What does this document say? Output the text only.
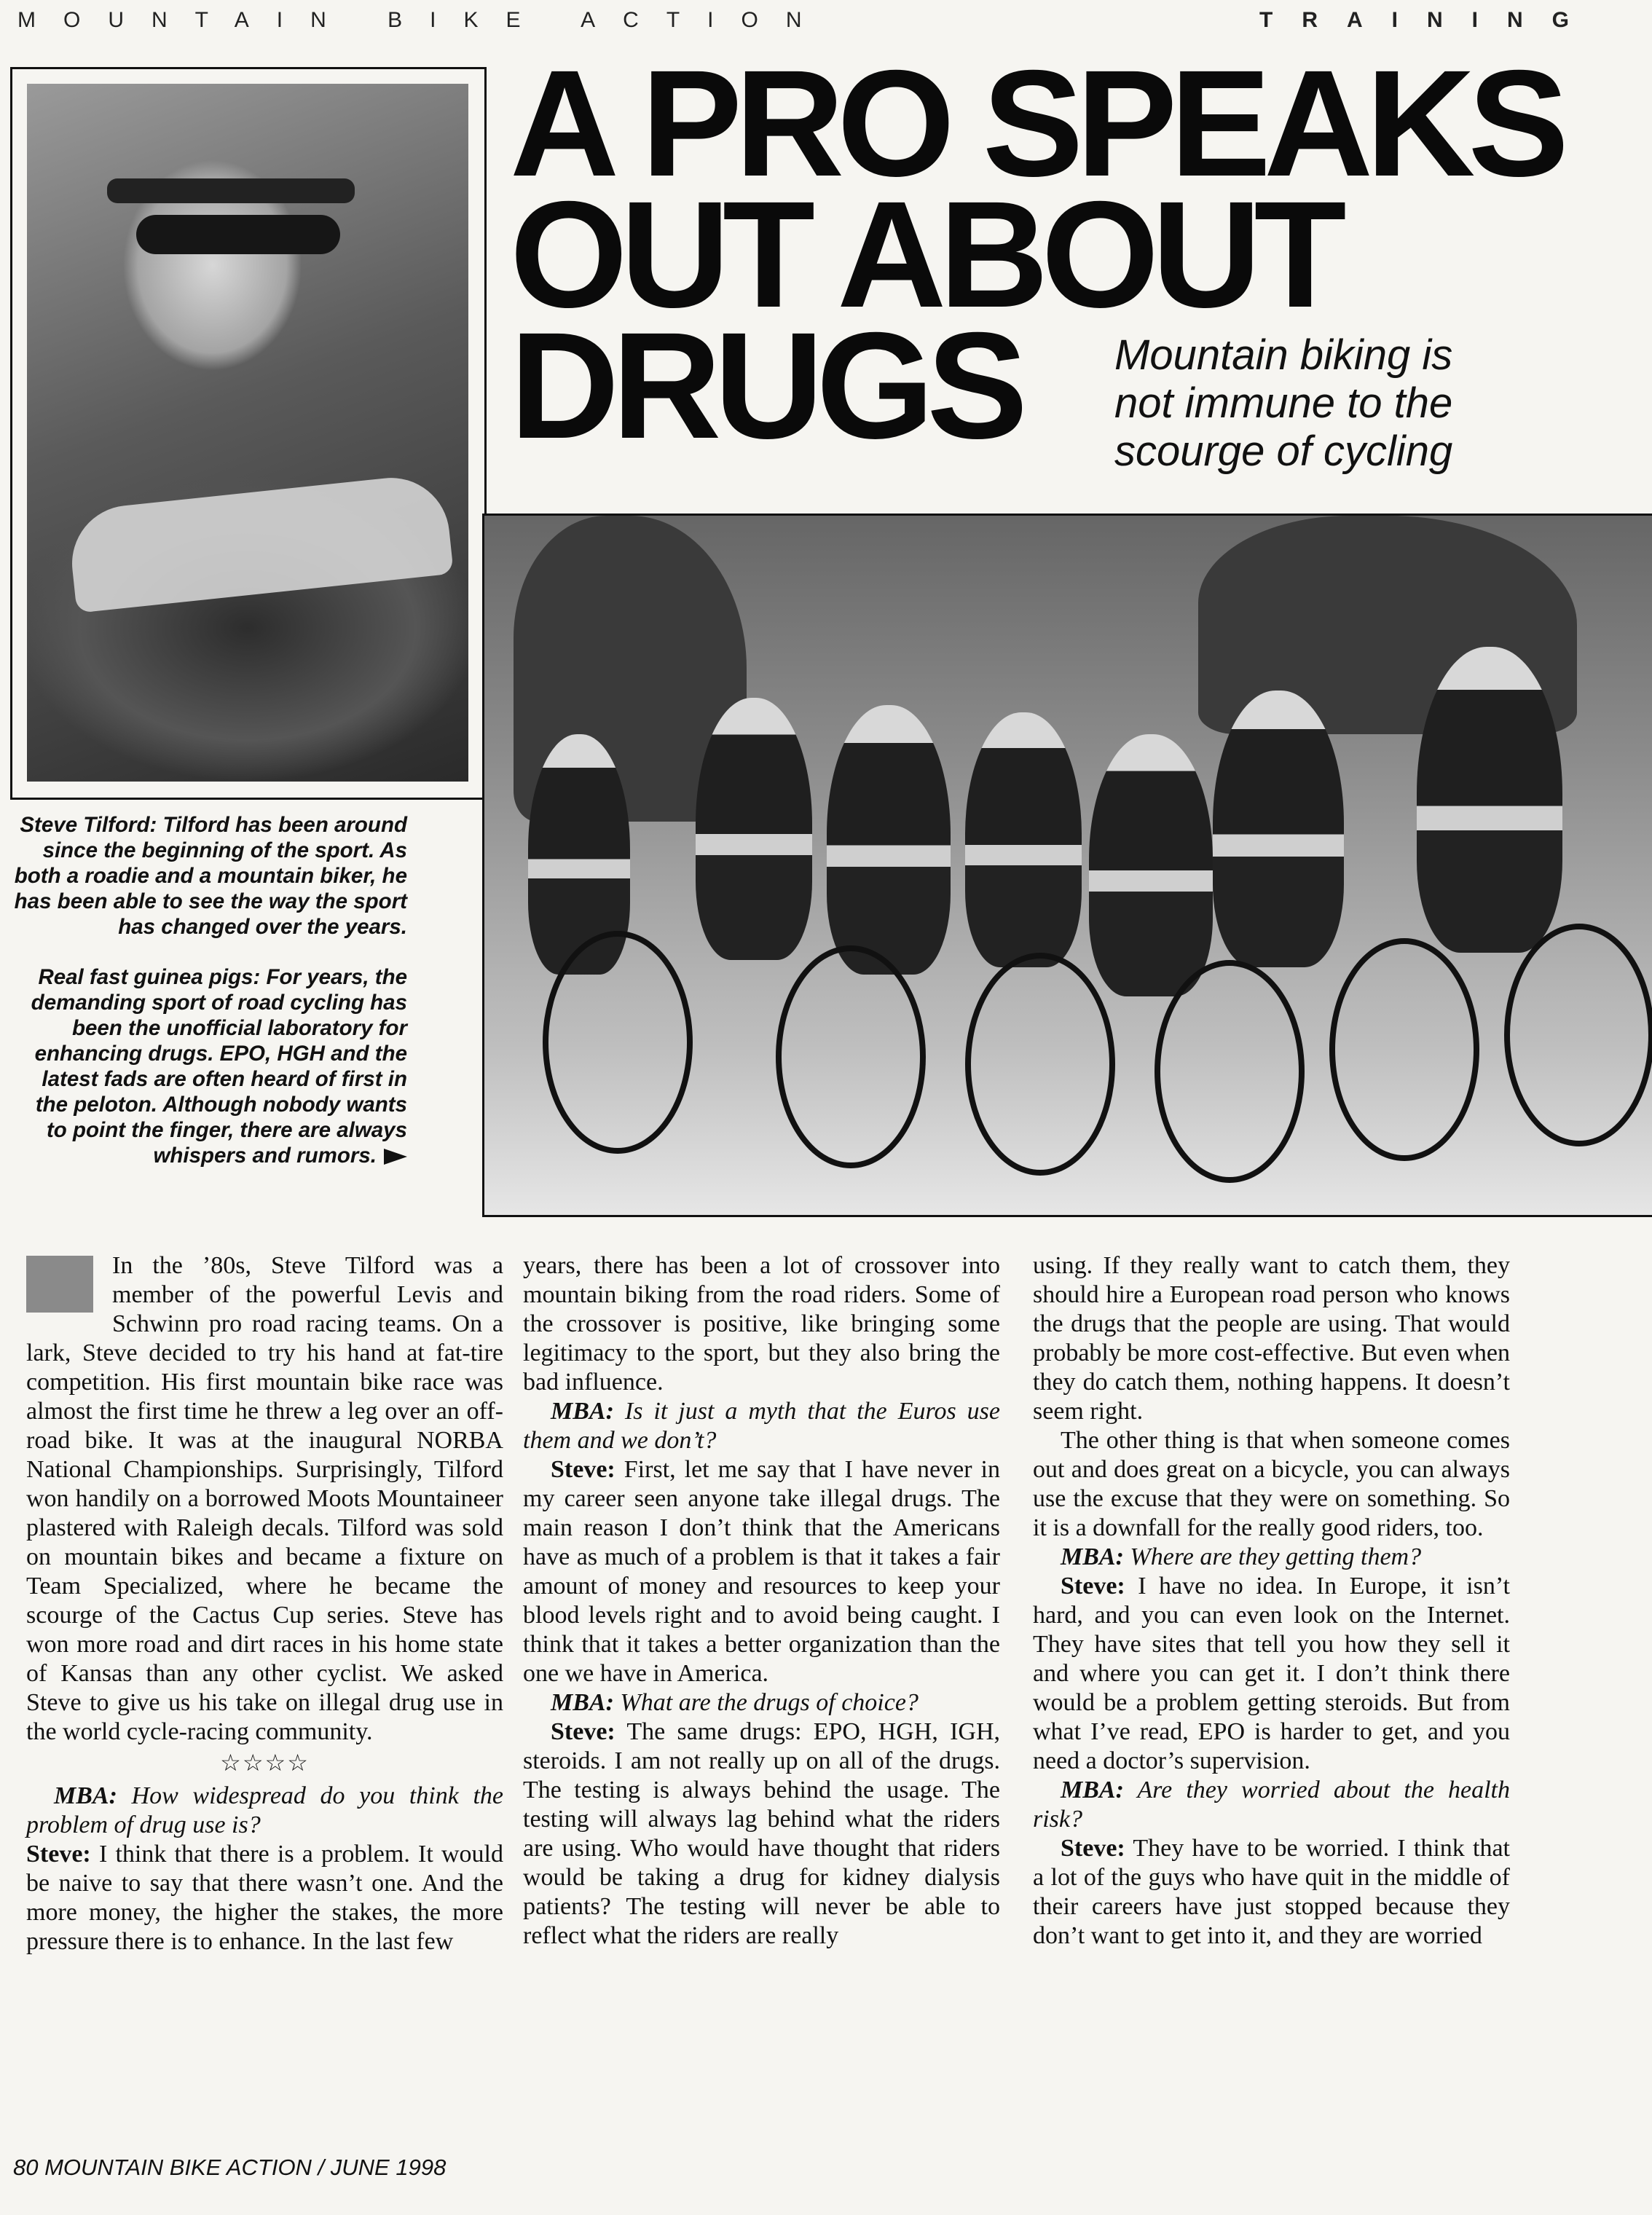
MOUNTAIN BIKE ACTION	TRAINING
A PRO SPEAKS
OUT ABOUT
DRUGS	Mountain biking is
not immune to the
scourge of cycling

Steve Tilford: Tilford has been around since the beginning of the sport. As both a roadie and a mountain biker, he has been able to see the way the sport has changed over the years.

Real fast guinea pigs: For years, the demanding sport of road cycling has been the unofficial laboratory for enhancing drugs. EPO, HGH and the latest fads are often heard of first in the peloton. Although nobody wants to point the finger, there are always whispers and rumors.

In the ’80s, Steve Tilford was a member of the powerful Levis and Schwinn pro road racing teams. On a lark, Steve decided to try his hand at fat-tire competition. His first mountain bike race was almost the first time he threw a leg over an off-road bike. It was at the inaugural NORBA National Championships. Surprisingly, Tilford won handily on a borrowed Moots Mountaineer plastered with Raleigh decals. Tilford was sold on mountain bikes and became a fixture on Team Specialized, where he became the scourge of the Cactus Cup series. Steve has won more road and dirt races in his home state of Kansas than any other cyclist. We asked Steve to give us his take on illegal drug use in the world cycle-racing community.

☆☆☆☆

MBA: How widespread do you think the problem of drug use is?

Steve: I think that there is a problem. It would be naive to say that there wasn’t one. And the more money, the higher the stakes, the more pressure there is to enhance. In the last few

years, there has been a lot of crossover into mountain biking from the road riders. Some of the crossover is positive, like bringing some legitimacy to the sport, but they also bring the bad influence.

MBA: Is it just a myth that the Euros use them and we don’t?

Steve: First, let me say that I have never in my career seen anyone take illegal drugs. The main reason I don’t think that the Americans have as much of a problem is that it takes a fair amount of money and resources to keep your blood levels right and to avoid being caught. I think that it takes a better organization than the one we have in America.

MBA: What are the drugs of choice?

Steve: The same drugs: EPO, HGH, IGH, steroids. I am not really up on all of the drugs. The testing is always behind the usage. The testing will always lag behind what the riders are using. Who would have thought that riders would be taking a drug for kidney dialysis patients? The testing will never be able to reflect what the riders are really

using. If they really want to catch them, they should hire a European road person who knows the drugs that the people are using. That would probably be more cost-effective. But even when they do catch them, nothing happens. It doesn’t seem right.

The other thing is that when someone comes out and does great on a bicycle, you can always use the excuse that they were on something. So it is a downfall for the really good riders, too.

MBA: Where are they getting them?

Steve: I have no idea. In Europe, it isn’t hard, and you can even look on the Internet. They have sites that tell you how they sell it and where you can get it. I don’t think there would be a problem getting steroids. But from what I’ve read, EPO is harder to get, and you need a doctor’s supervision.

MBA: Are they worried about the health risk?

Steve: They have to be worried. I think that a lot of the guys who have quit in the middle of their careers have just stopped because they don’t want to get into it, and they are worried

80 MOUNTAIN BIKE ACTION / JUNE 1998
